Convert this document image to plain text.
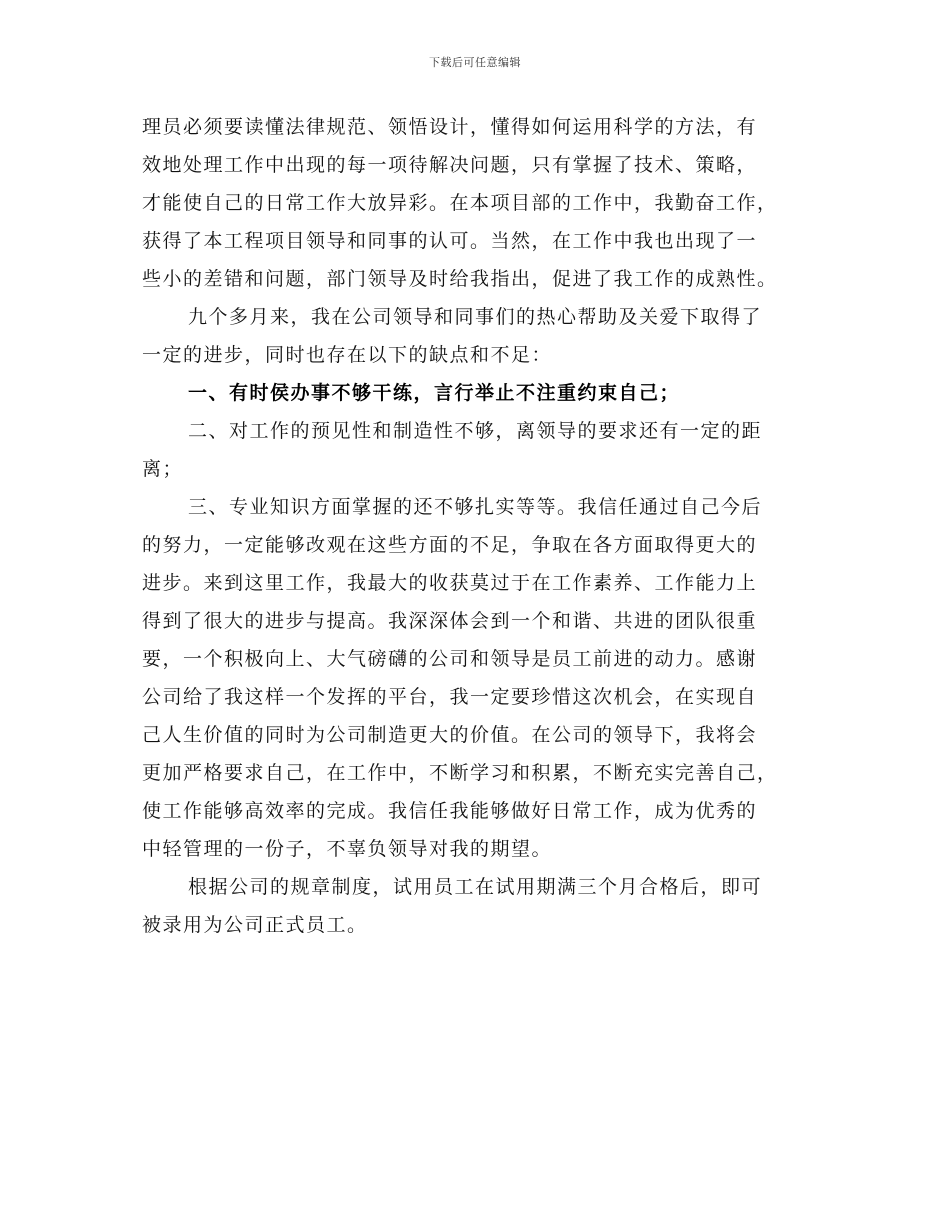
下载后可任意编辑
理员必须要读懂法律规范、领悟设计，懂得如何运用科学的方法，有
效地处理工作中出现的每一项待解决问题，只有掌握了技术、策略，
才能使自己的日常工作大放异彩。在本项目部的工作中，我勤奋工作，
获得了本工程项目领导和同事的认可。当然，在工作中我也出现了一
些小的差错和问题，部门领导及时给我指出，促进了我工作的成熟性。
九个多月来，我在公司领导和同事们的热心帮助及关爱下取得了
一定的进步，同时也存在以下的缺点和不足：
一、有时侯办事不够干练，言行举止不注重约束自己；
二、对工作的预见性和制造性不够，离领导的要求还有一定的距
离；
三、专业知识方面掌握的还不够扎实等等。我信任通过自己今后
的努力，一定能够改观在这些方面的不足，争取在各方面取得更大的
进步。来到这里工作，我最大的收获莫过于在工作素养、工作能力上
得到了很大的进步与提高。我深深体会到一个和谐、共进的团队很重
要，一个积极向上、大气磅礴的公司和领导是员工前进的动力。感谢
公司给了我这样一个发挥的平台，我一定要珍惜这次机会，在实现自
己人生价值的同时为公司制造更大的价值。在公司的领导下，我将会
更加严格要求自己，在工作中，不断学习和积累，不断充实完善自己，
使工作能够高效率的完成。我信任我能够做好日常工作，成为优秀的
中轻管理的一份子，不辜负领导对我的期望。
根据公司的规章制度，试用员工在试用期满三个月合格后，即可
被录用为公司正式员工。
